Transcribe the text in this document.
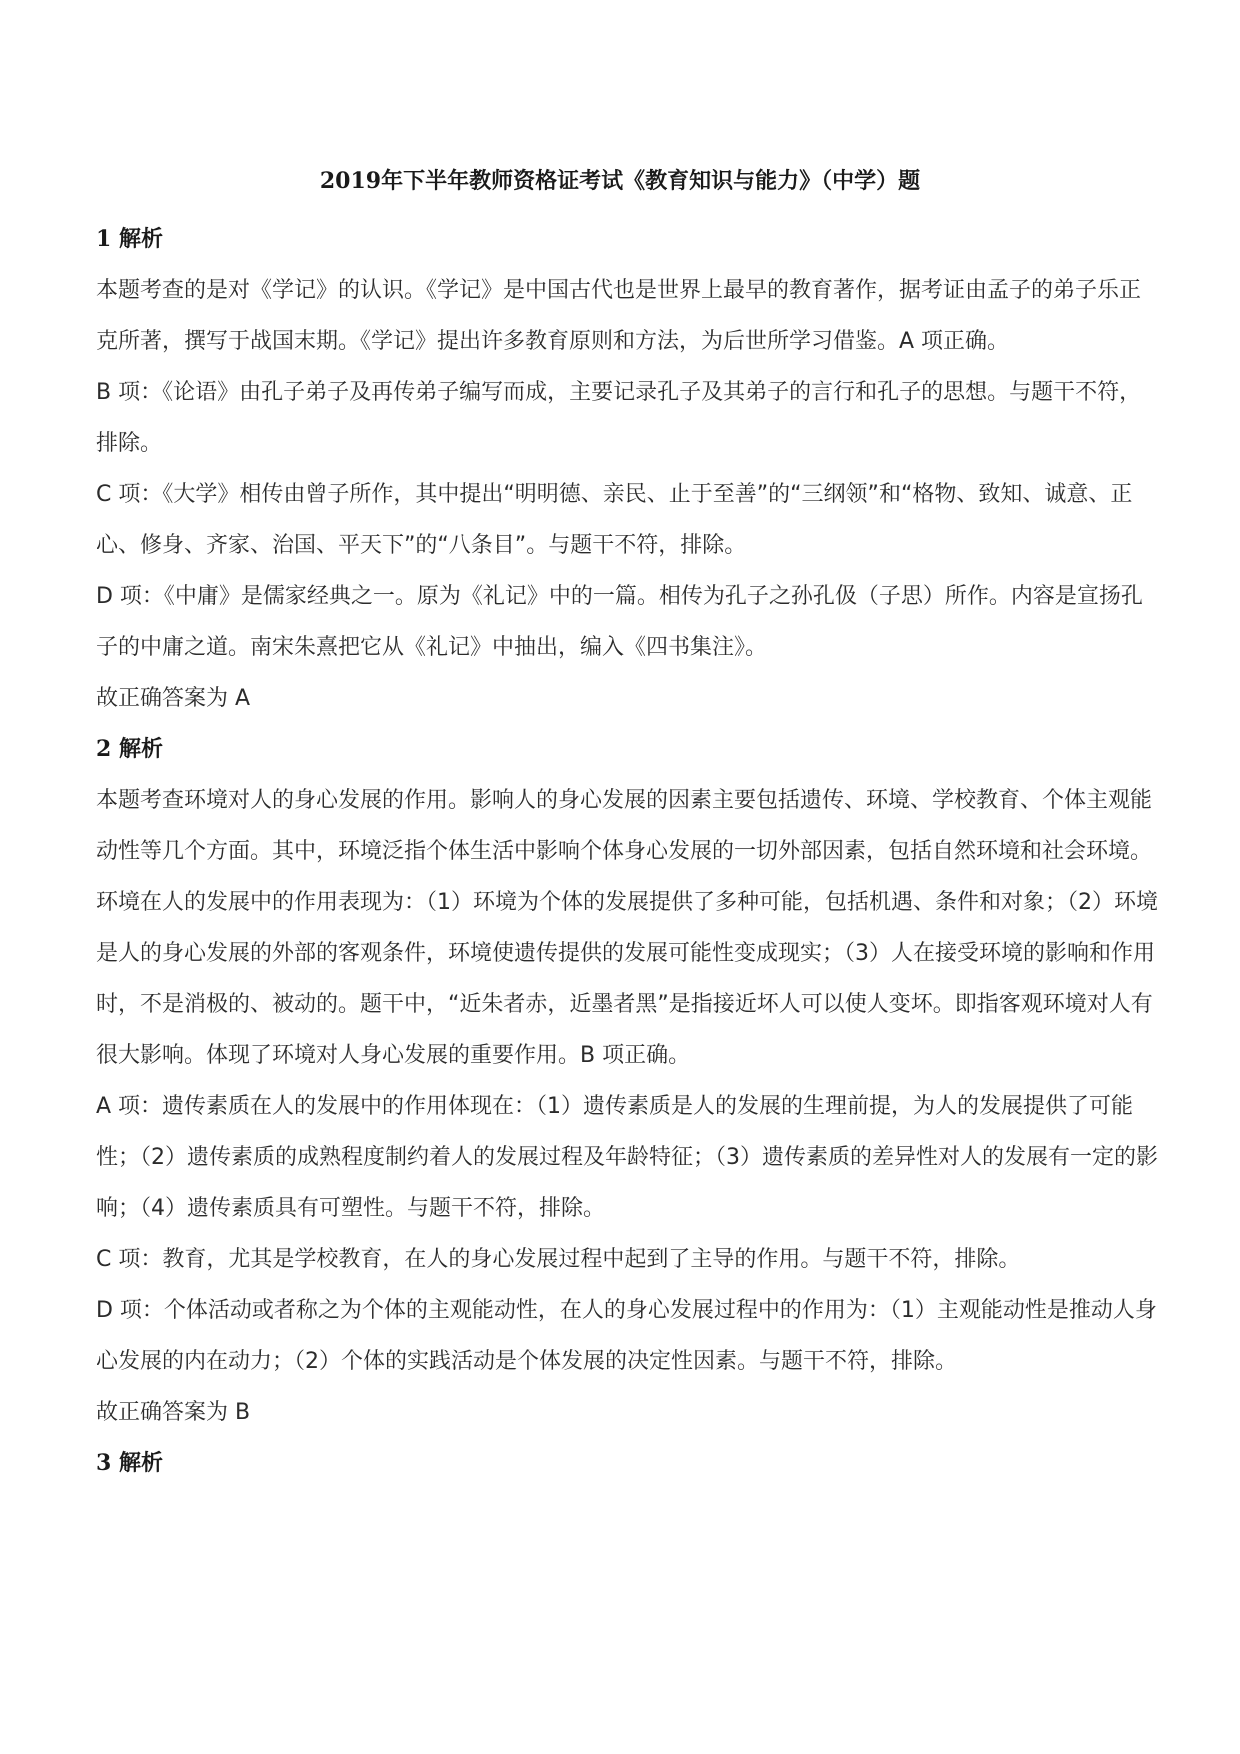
2019年下半年教师资格证考试《教育知识与能力》（中学）题
1 解析

本题考查的是对《学记》的认识。《学记》是中国古代也是世界上最早的教育著作，据考证由孟子的弟子乐正克所著，撰写于战国末期。《学记》提出许多教育原则和方法，为后世所学习借鉴。A 项正确。

B 项：《论语》由孔子弟子及再传弟子编写而成，主要记录孔子及其弟子的言行和孔子的思想。与题干不符，排除。

C 项：《大学》相传由曾子所作，其中提出“明明德、亲民、止于至善”的“三纲领”和“格物、致知、诚意、正心、修身、齐家、治国、平天下”的“八条目”。与题干不符，排除。

D 项：《中庸》是儒家经典之一。原为《礼记》中的一篇。相传为孔子之孙孔伋（子思）所作。内容是宣扬孔子的中庸之道。南宋朱熹把它从《礼记》中抽出，编入《四书集注》。

故正确答案为 A

2 解析

本题考查环境对人的身心发展的作用。影响人的身心发展的因素主要包括遗传、环境、学校教育、个体主观能动性等几个方面。其中，环境泛指个体生活中影响个体身心发展的一切外部因素，包括自然环境和社会环境。环境在人的发展中的作用表现为：（1）环境为个体的发展提供了多种可能，包括机遇、条件和对象；（2）环境是人的身心发展的外部的客观条件，环境使遗传提供的发展可能性变成现实；（3）人在接受环境的影响和作用时，不是消极的、被动的。题干中，“近朱者赤，近墨者黑”是指接近坏人可以使人变坏。即指客观环境对人有很大影响。体现了环境对人身心发展的重要作用。B 项正确。

A 项：遗传素质在人的发展中的作用体现在：（1）遗传素质是人的发展的生理前提，为人的发展提供了可能性；（2）遗传素质的成熟程度制约着人的发展过程及年龄特征；（3）遗传素质的差异性对人的发展有一定的影响；（4）遗传素质具有可塑性。与题干不符，排除。

C 项：教育，尤其是学校教育，在人的身心发展过程中起到了主导的作用。与题干不符，排除。

D 项：个体活动或者称之为个体的主观能动性，在人的身心发展过程中的作用为：（1）主观能动性是推动人身心发展的内在动力；（2）个体的实践活动是个体发展的决定性因素。与题干不符，排除。

故正确答案为 B

3 解析
